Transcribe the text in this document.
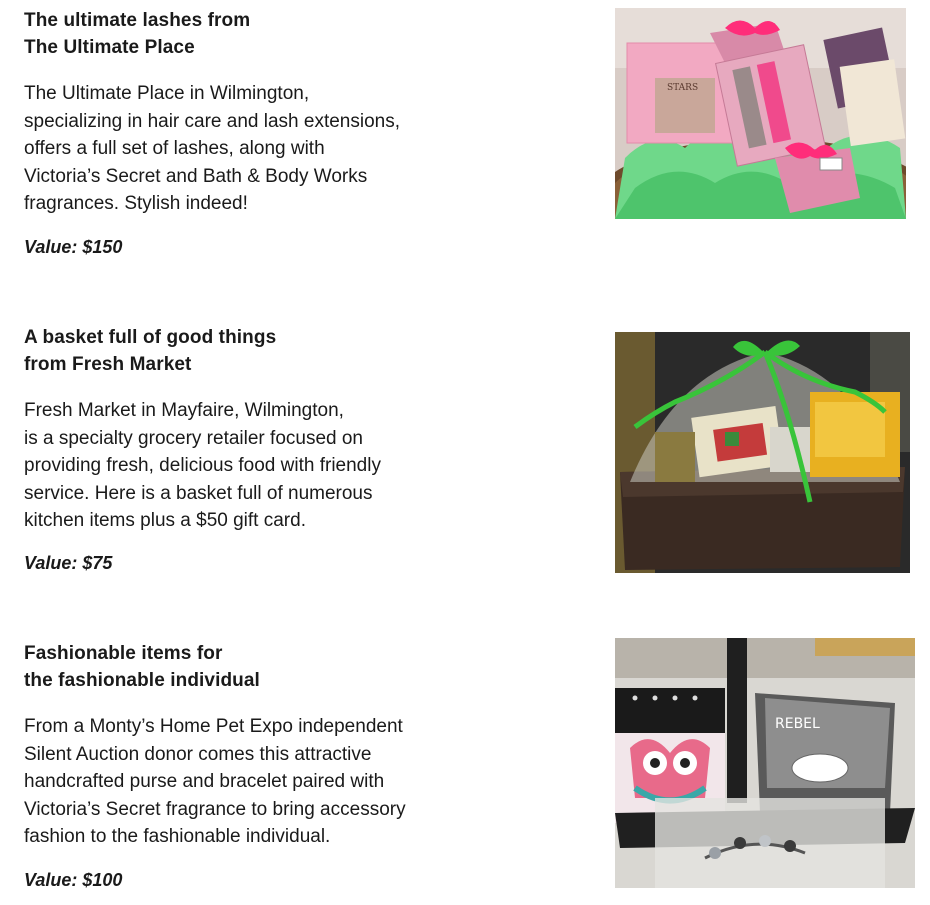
The ultimate lashes from
The Ultimate Place
The Ultimate Place in Wilmington,
specializing in hair care and lash extensions,
offers a full set of lashes, along with
Victoria’s Secret and Bath & Body Works
fragrances. Stylish indeed!
Value: $150
STARS
A basket full of good things
from Fresh Market
Fresh Market in Mayfaire, Wilmington,
is a specialty grocery retailer focused on
providing fresh, delicious food with friendly
service. Here is a basket full of numerous
kitchen items plus a $50 gift card.
Value: $75
Fashionable items for
the fashionable individual
From a Monty’s Home Pet Expo independent
Silent Auction donor comes this attractive
handcrafted purse and bracelet paired with
Victoria’s Secret fragrance to bring accessory
fashion to the fashionable individual.
Value: $100
REBEL
